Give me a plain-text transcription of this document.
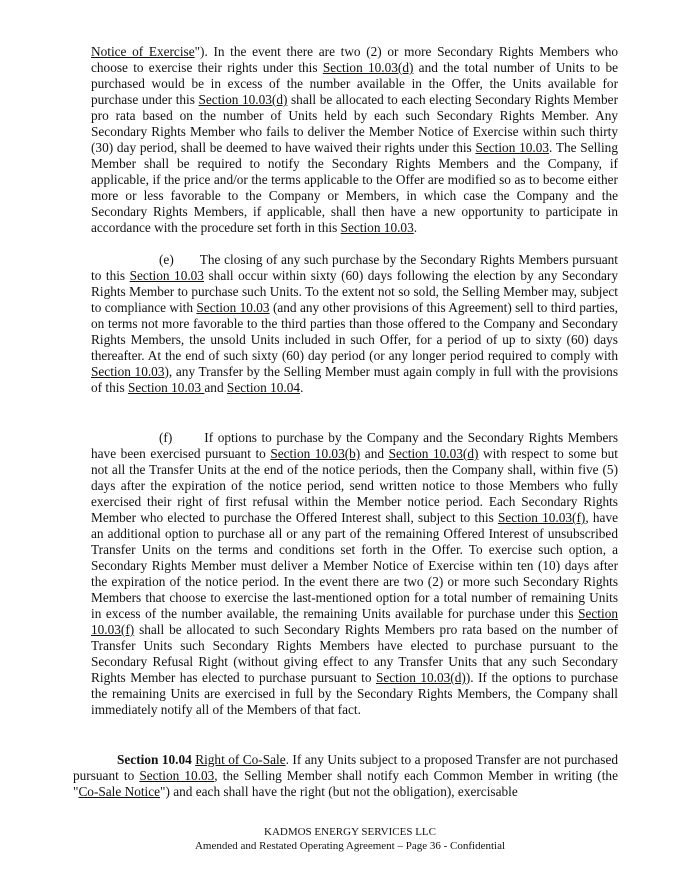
Notice of Exercise"). In the event there are two (2) or more Secondary Rights Members who choose to exercise their rights under this Section 10.03(d) and the total number of Units to be purchased would be in excess of the number available in the Offer, the Units available for purchase under this Section 10.03(d) shall be allocated to each electing Secondary Rights Member pro rata based on the number of Units held by each such Secondary Rights Member. Any Secondary Rights Member who fails to deliver the Member Notice of Exercise within such thirty (30) day period, shall be deemed to have waived their rights under this Section 10.03. The Selling Member shall be required to notify the Secondary Rights Members and the Company, if applicable, if the price and/or the terms applicable to the Offer are modified so as to become either more or less favorable to the Company or Members, in which case the Company and the Secondary Rights Members, if applicable, shall then have a new opportunity to participate in accordance with the procedure set forth in this Section 10.03.

(e)       The closing of any such purchase by the Secondary Rights Members pursuant to this Section 10.03 shall occur within sixty (60) days following the election by any Secondary Rights Member to purchase such Units. To the extent not so sold, the Selling Member may, subject to compliance with Section 10.03 (and any other provisions of this Agreement) sell to third parties, on terms not more favorable to the third parties than those offered to the Company and Secondary Rights Members, the unsold Units included in such Offer, for a period of up to sixty (60) days thereafter. At the end of such sixty (60) day period (or any longer period required to comply with Section 10.03), any Transfer by the Selling Member must again comply in full with the provisions of this Section 10.03 and Section 10.04.

(f)       If options to purchase by the Company and the Secondary Rights Members have been exercised pursuant to Section 10.03(b) and Section 10.03(d) with respect to some but not all the Transfer Units at the end of the notice periods, then the Company shall, within five (5) days after the expiration of the notice period, send written notice to those Members who fully exercised their right of first refusal within the Member notice period. Each Secondary Rights Member who elected to purchase the Offered Interest shall, subject to this Section 10.03(f), have an additional option to purchase all or any part of the remaining Offered Interest of unsubscribed Transfer Units on the terms and conditions set forth in the Offer. To exercise such option, a Secondary Rights Member must deliver a Member Notice of Exercise within ten (10) days after the expiration of the notice period. In the event there are two (2) or more such Secondary Rights Members that choose to exercise the last-mentioned option for a total number of remaining Units in excess of the number available, the remaining Units available for purchase under this Section 10.03(f) shall be allocated to such Secondary Rights Members pro rata based on the number of Transfer Units such Secondary Rights Members have elected to purchase pursuant to the Secondary Refusal Right (without giving effect to any Transfer Units that any such Secondary Rights Member has elected to purchase pursuant to Section 10.03(d)). If the options to purchase the remaining Units are exercised in full by the Secondary Rights Members, the Company shall immediately notify all of the Members of that fact.

Section 10.04 Right of Co-Sale. If any Units subject to a proposed Transfer are not purchased pursuant to Section 10.03, the Selling Member shall notify each Common Member in writing (the "Co-Sale Notice") and each shall have the right (but not the obligation), exercisable

KADMOS ENERGY SERVICES LLC
Amended and Restated Operating Agreement – Page 36 - Confidential
